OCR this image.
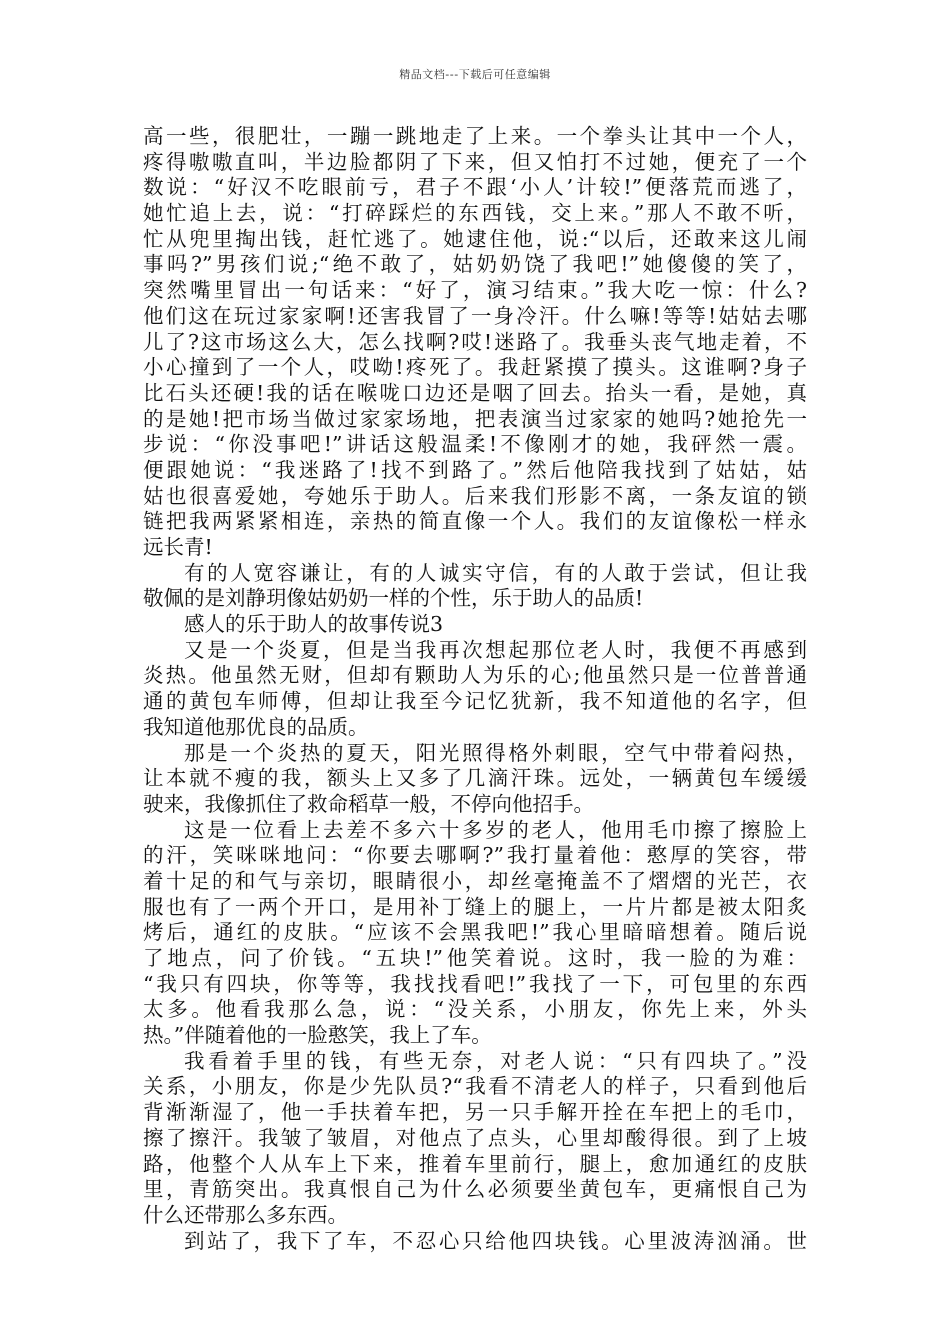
精品文档---下载后可任意编辑
高一些，很肥壮，一蹦一跳地走了上来。一个拳头让其中一个人，
疼得嗷嗷直叫，半边脸都阴了下来，但又怕打不过她，便充了一个
数说：“好汉不吃眼前亏，君子不跟‘小人’计较!”便落荒而逃了，
她忙追上去，说：“打碎踩烂的东西钱，交上来。”那人不敢不听，
忙从兜里掏出钱，赶忙逃了。她逮住他，说:“以后，还敢来这儿闹
事吗?”男孩们说;“绝不敢了，姑奶奶饶了我吧!”她傻傻的笑了，
突然嘴里冒出一句话来：“好了，演习结束。”我大吃一惊：什么?
他们这在玩过家家啊!还害我冒了一身冷汗。什么嘛!等等!姑姑去哪
儿了?这市场这么大，怎么找啊?哎!迷路了。我垂头丧气地走着，不
小心撞到了一个人，哎呦!疼死了。我赶紧摸了摸头。这谁啊?身子
比石头还硬!我的话在喉咙口边还是咽了回去。抬头一看，是她，真
的是她!把市场当做过家家场地，把表演当过家家的她吗?她抢先一
步说：“你没事吧!”讲话这般温柔!不像刚才的她，我砰然一震。
便跟她说：“我迷路了!找不到路了。”然后他陪我找到了姑姑，姑
姑也很喜爱她，夸她乐于助人。后来我们形影不离，一条友谊的锁
链把我两紧紧相连，亲热的简直像一个人。我们的友谊像松一样永
远长青!
有的人宽容谦让，有的人诚实守信，有的人敢于尝试，但让我
敬佩的是刘静玥像姑奶奶一样的个性，乐于助人的品质!
感人的乐于助人的故事传说3
又是一个炎夏，但是当我再次想起那位老人时，我便不再感到
炎热。他虽然无财，但却有颗助人为乐的心;他虽然只是一位普普通
通的黄包车师傅，但却让我至今记忆犹新，我不知道他的名字，但
我知道他那优良的品质。
那是一个炎热的夏天，阳光照得格外刺眼，空气中带着闷热，
让本就不瘦的我，额头上又多了几滴汗珠。远处，一辆黄包车缓缓
驶来，我像抓住了救命稻草一般，不停向他招手。
这是一位看上去差不多六十多岁的老人，他用毛巾擦了擦脸上
的汗，笑咪咪地问：“你要去哪啊?”我打量着他：憨厚的笑容，带
着十足的和气与亲切，眼睛很小，却丝毫掩盖不了熠熠的光芒，衣
服也有了一两个开口，是用补丁缝上的腿上，一片片都是被太阳炙
烤后，通红的皮肤。“应该不会黑我吧!”我心里暗暗想着。随后说
了地点，问了价钱。“五块!”他笑着说。这时，我一脸的为难：
“我只有四块，你等等，我找找看吧!”我找了一下，可包里的东西
太多。他看我那么急，说：“没关系，小朋友，你先上来，外头
热。”伴随着他的一脸憨笑，我上了车。
我看着手里的钱，有些无奈，对老人说：“只有四块了。”没
关系，小朋友，你是少先队员?“我看不清老人的样子，只看到他后
背渐渐湿了，他一手扶着车把，另一只手解开拴在车把上的毛巾，
擦了擦汗。我皱了皱眉，对他点了点头，心里却酸得很。到了上坡
路，他整个人从车上下来，推着车里前行，腿上，愈加通红的皮肤
里，青筋突出。我真恨自己为什么必须要坐黄包车，更痛恨自己为
什么还带那么多东西。
到站了，我下了车，不忍心只给他四块钱。心里波涛汹涌。世
